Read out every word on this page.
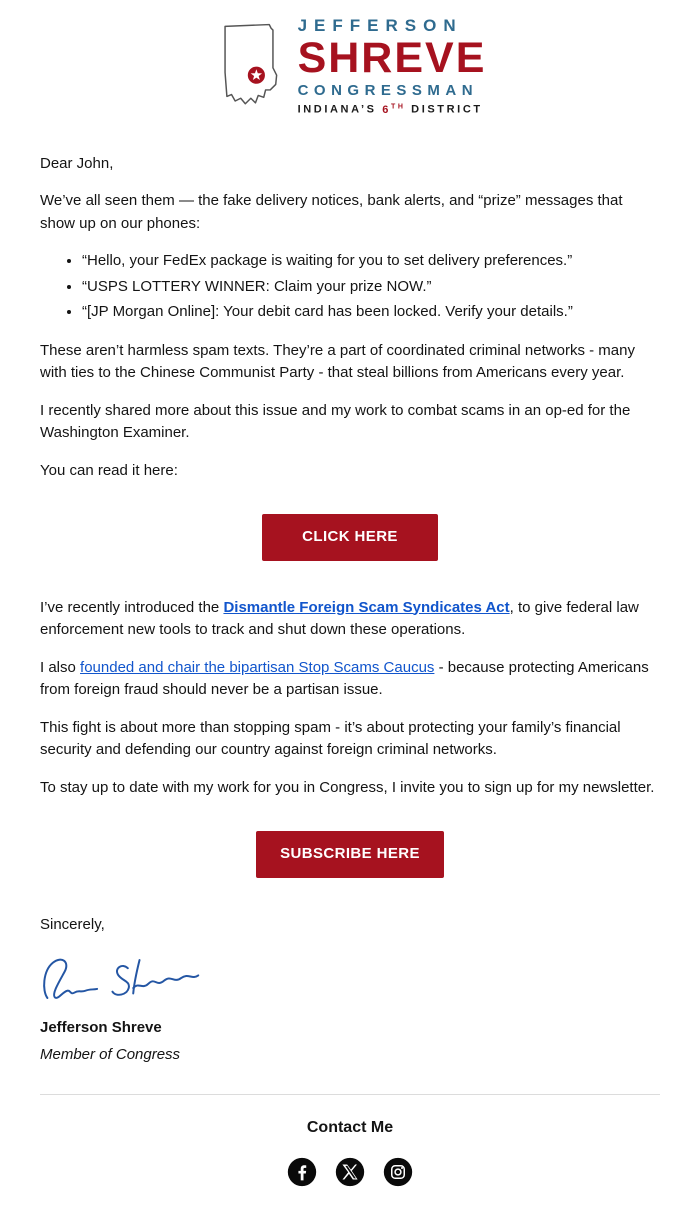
JEFFERSON
SHREVE
CONGRESSMAN
INDIANA’S 6TH DISTRICT

Dear John,

We’ve all seen them — the fake delivery notices, bank alerts, and “prize” messages that show up on our phones:

• “Hello, your FedEx package is waiting for you to set delivery preferences.”
• “USPS LOTTERY WINNER: Claim your prize NOW.”
• “[JP Morgan Online]: Your debit card has been locked. Verify your details.”

These aren’t harmless spam texts. They’re a part of coordinated criminal networks - many with ties to the Chinese Communist Party - that steal billions from Americans every year.

I recently shared more about this issue and my work to combat scams in an op-ed for the Washington Examiner.

You can read it here:

CLICK HERE

I’ve recently introduced the Dismantle Foreign Scam Syndicates Act, to give federal law enforcement new tools to track and shut down these operations.

I also founded and chair the bipartisan Stop Scams Caucus - because protecting Americans from foreign fraud should never be a partisan issue.

This fight is about more than stopping spam - it’s about protecting your family’s financial security and defending our country against foreign criminal networks.

To stay up to date with my work for you in Congress, I invite you to sign up for my newsletter.

SUBSCRIBE HERE

Sincerely,

Jefferson Shreve
Member of Congress
Contact Me
